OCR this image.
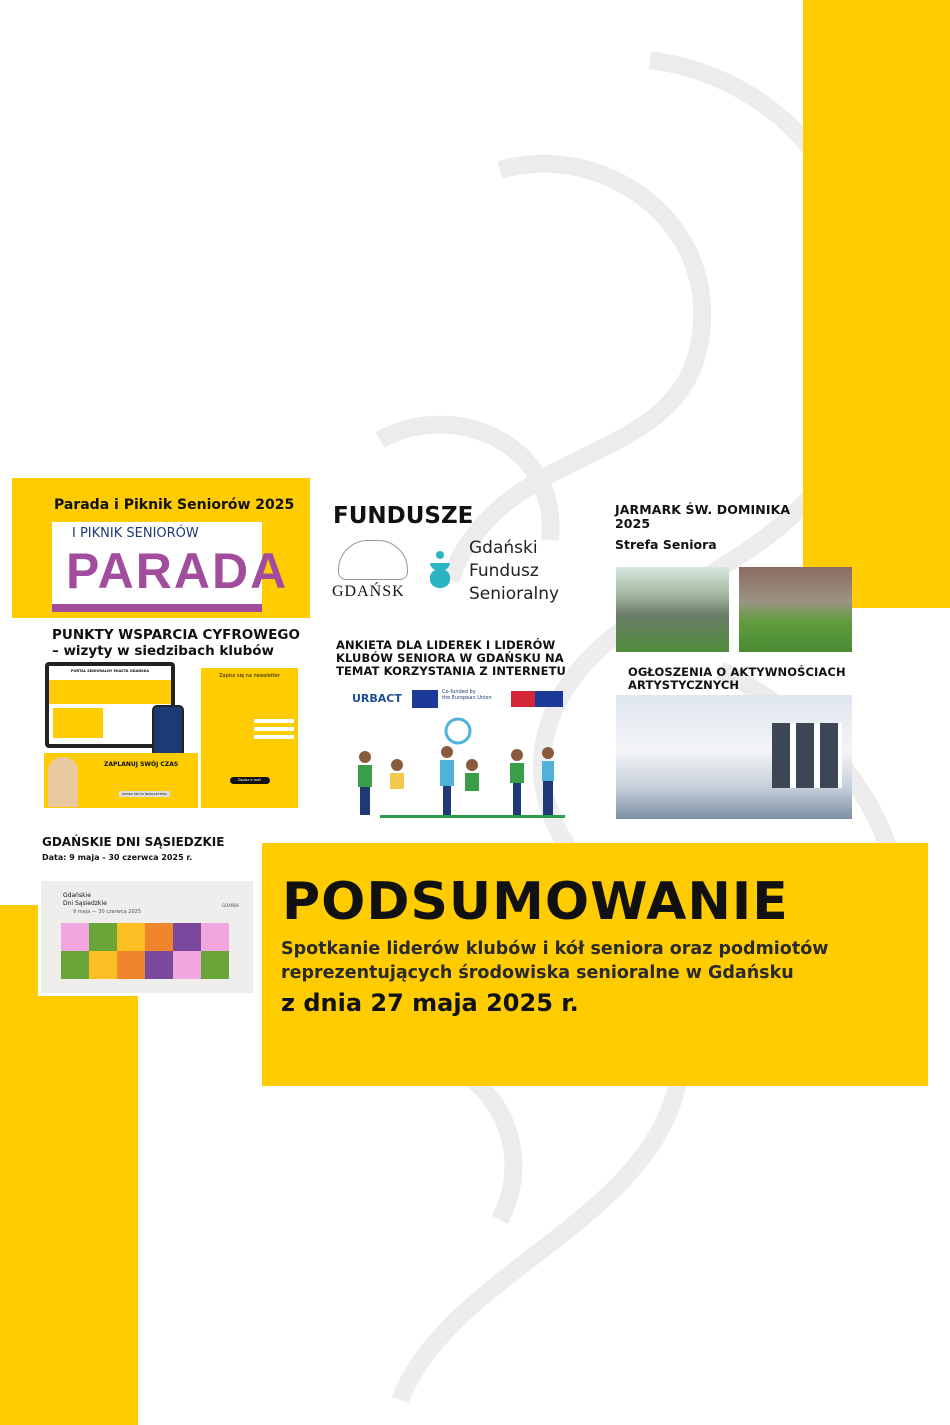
Parada i Piknik Seniorów 2025
I PIKNIK SENIORÓW
PARADA
PUNKTY WSPARCIA CYFROWEGO
– wizyty w siedzibach klubów
PORTAL SENIORALNY MIASTA GDAŃSKA
Zapisz się na newsletter
Zapisz e-mail
ZAPLANUJ SWÓJ CZAS
ZAPISZ SIĘ DO NEWSLETTERA
GDAŃSKIE DNI SĄSIEDZKIE
Data: 9 maja - 30 czerwca 2025 r.
Gdańskie
Dni Sąsiedzkie
9 maja — 30 czerwca 2025
GDAŃSK
FUNDUSZE
GDAŃSK
Gdański
Fundusz
Senioralny
ANKIETA DLA LIDEREK I LIDERÓW
KLUBÓW SENIORA W GDAŃSKU NA
TEMAT KORZYSTANIA Z INTERNETU
URBACT	Co-funded by
the European Union
JARMARK ŚW. DOMINIKA
2025
Strefa Seniora
OGŁOSZENIA O AKTYWNOŚCIACH
ARTYSTYCZNYCH
PODSUMOWANIE
Spotkanie liderów klubów i kół seniora oraz podmiotów
reprezentujących środowiska senioralne w Gdańsku
z dnia 27 maja 2025 r.
